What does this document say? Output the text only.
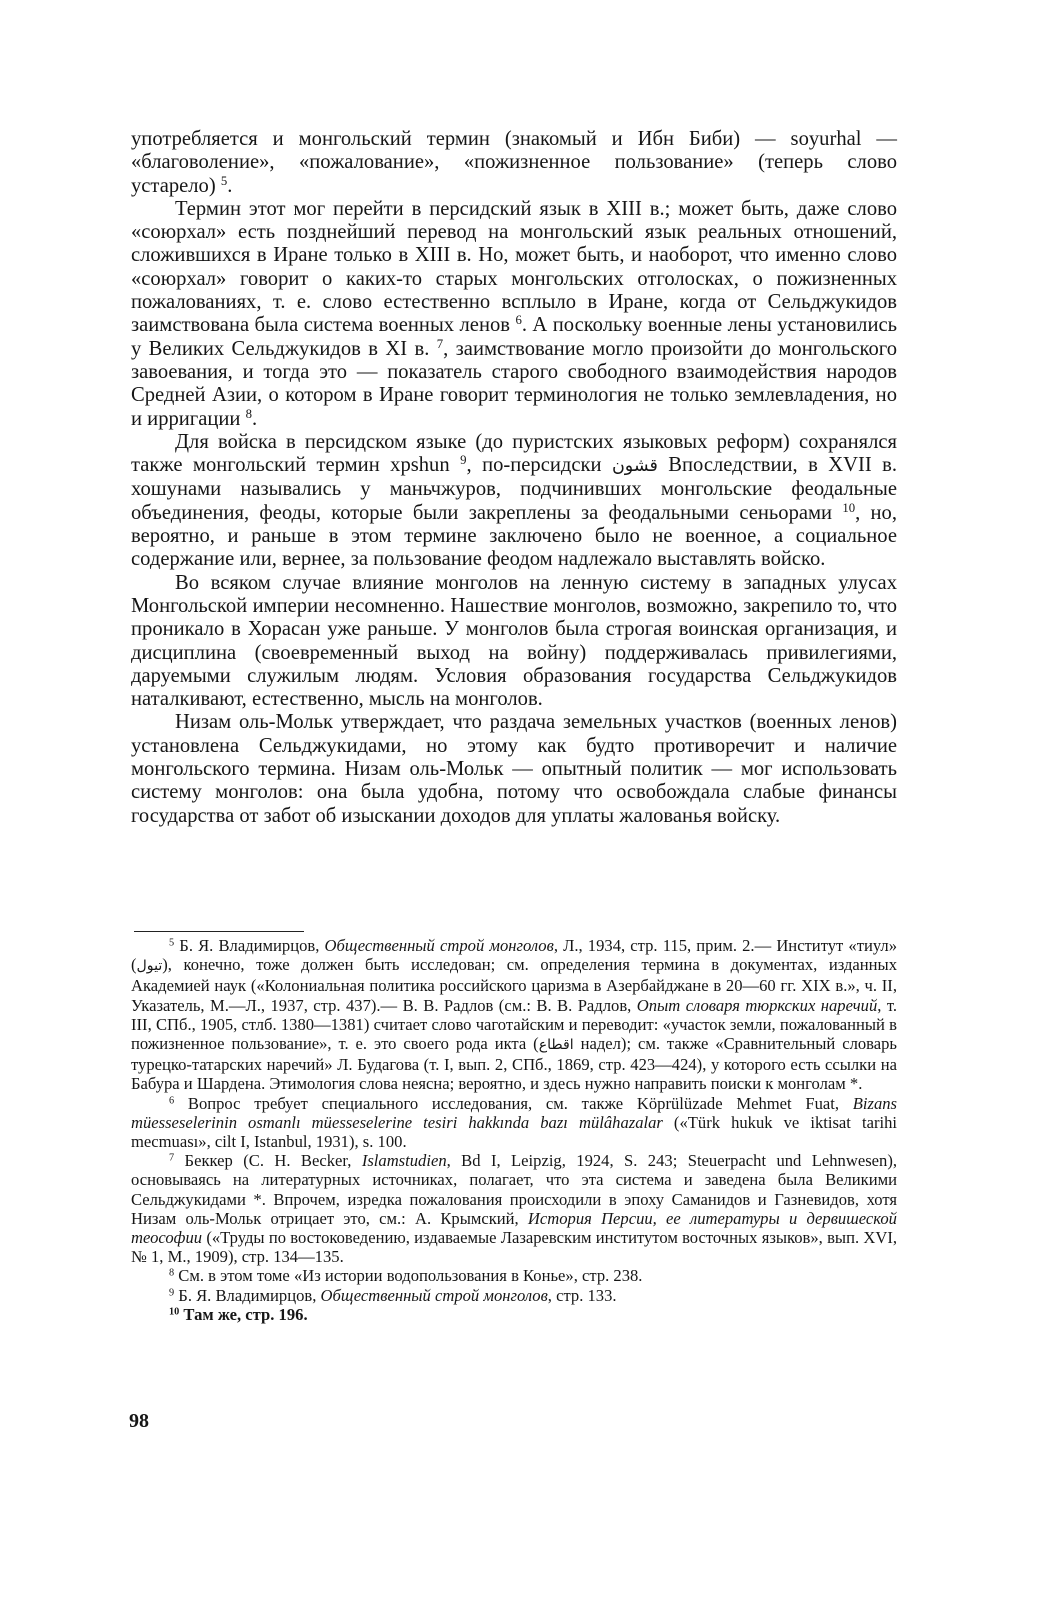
употребляется и монгольский термин (знакомый и Ибн Биби) — soyurhal — «благоволение», «пожалование», «пожизненное пользование» (теперь слово устарело) $^5$.

Термин этот мог перейти в персидский язык в XIII в.; может быть, даже слово «союрхал» есть позднейший перевод на монгольский язык реальных отношений, сложившихся в Иране только в XIII в. Но, может быть, и наоборот, что именно слово «союрхал» говорит о каких-то старых монгольских отголосках, о пожизненных пожалованиях, т. е. слово естественно всплыло в Иране, когда от Сельджукидов заимствована была система военных ленов $^6$. А поскольку военные лены установились у Великих Сельджукидов в XI в. $^7$, заимствование могло произойти до монгольского завоевания, и тогда это — показатель старого свободного взаимодействия народов Средней Азии, о котором в Иране говорит терминология не только землевладения, но и ирригации $^8$.

Для войска в персидском языке (до пуристских языковых реформ) сохранялся также монгольский термин xpshun $^9$, по-персидски قشون Впоследствии, в XVII в. хошунами назывались у маньчжуров, подчинивших монгольские феодальные объединения, феоды, которые были закреплены за феодальными сеньорами $^{10}$, но, вероятно, и раньше в этом термине заключено было не военное, а социальное содержание или, вернее, за пользование феодом надлежало выставлять войско.

Во всяком случае влияние монголов на ленную систему в западных улусах Монгольской империи несомненно. Нашествие монголов, возможно, закрепило то, что проникало в Хорасан уже раньше. У монголов была строгая воинская организация, и дисциплина (своевременный выход на войну) поддерживалась привилегиями, даруемыми служилым людям. Условия образования государства Сельджукидов наталкивают, естественно, мысль на монголов.

Низам оль-Мольк утверждает, что раздача земельных участков (военных ленов) установлена Сельджукидами, но этому как будто противоречит и наличие монгольского термина. Низам оль-Мольк — опытный политик — мог использовать систему монголов: она была удобна, потому что освобождала слабые финансы государства от забот об изыскании доходов для уплаты жалованья войску.

$^5$ Б. Я. Владимирцов, Общественный строй монголов, Л., 1934, стр. 115, прим. 2.— Институт «тиул» (تیول), конечно, тоже должен быть исследован; см. определения термина в документах, изданных Академией наук («Колониальная политика российского царизма в Азербайджане в 20—60 гг. XIX в.», ч. II, Указатель, М.—Л., 1937, стр. 437).— В. В. Радлов (см.: В. В. Радлов, Опыт словаря тюркских наречий, т. III, СПб., 1905, стлб. 1380—1381) считает слово чаготайским и переводит: «участок земли, пожалованный в пожизненное пользование», т. е. это своего рода икта (اقطاع надел); см. также «Сравнительный словарь турецко-татарских наречий» Л. Будагова (т. I, вып. 2, СПб., 1869, стр. 423—424), у которого есть ссылки на Бабура и Шардена. Этимология слова неясна; вероятно, и здесь нужно направить поиски к монголам *.

$^6$ Вопрос требует специального исследования, см. также Köprülüzade Mehmet Fuat, Bizans müesseselerinin osmanlı müesseselerine tesiri hakkında bazı mülâhazalar («Türk hukuk ve iktisat tarihi mecmuası», cilt I, Istanbul, 1931), s. 100.

$^7$ Беккер (C. H. Becker, Islamstudien, Bd I, Leipzig, 1924, S. 243; Steuerpacht und Lehnwesen), основываясь на литературных источниках, полагает, что эта система и заведена была Великими Сельджукидами *. Впрочем, изредка пожалования происходили в эпоху Саманидов и Газневидов, хотя Низам оль-Мольк отрицает это, см.: А. Крымский, История Персии, ее литературы и дервишеской теософии («Труды по востоковедению, издаваемые Лазаревским институтом восточных языков», вып. XVI, № 1, М., 1909), стр. 134—135.

$^8$ См. в этом томе «Из истории водопользования в Конье», стр. 238.

$^9$ Б. Я. Владимирцов, Общественный строй монголов, стр. 133.

$^{10}$ Там же, стр. 196.

98
